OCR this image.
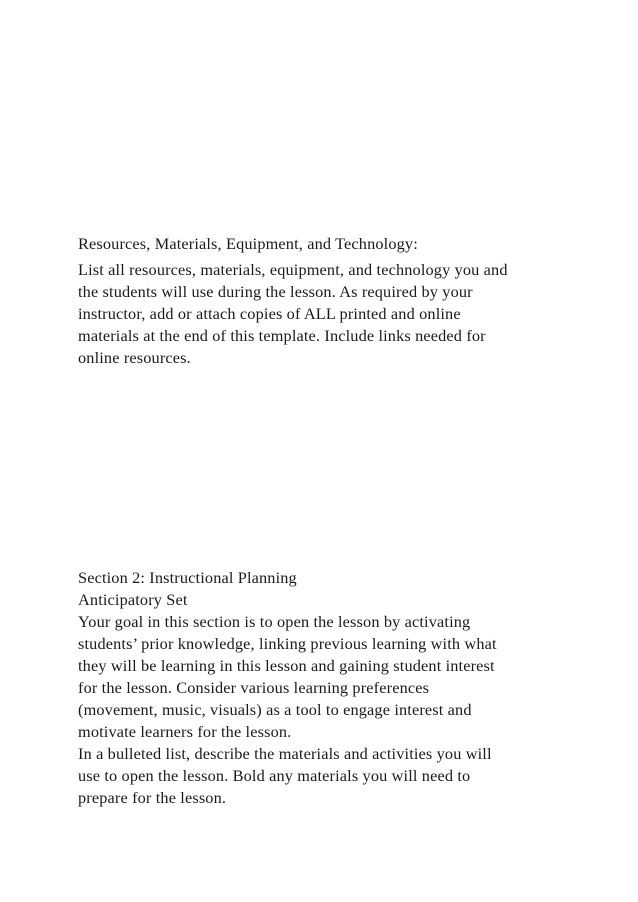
Resources, Materials, Equipment, and Technology:
List all resources, materials, equipment, and technology you and
the students will use during the lesson. As required by your
instructor, add or attach copies of ALL printed and online
materials at the end of this template. Include links needed for
online resources.
Section 2: Instructional Planning
Anticipatory Set
Your goal in this section is to open the lesson by activating
students’ prior knowledge, linking previous learning with what
they will be learning in this lesson and gaining student interest
for the lesson. Consider various learning preferences
(movement, music, visuals) as a tool to engage interest and
motivate learners for the lesson.
In a bulleted list, describe the materials and activities you will
use to open the lesson. Bold any materials you will need to
prepare for the lesson.
